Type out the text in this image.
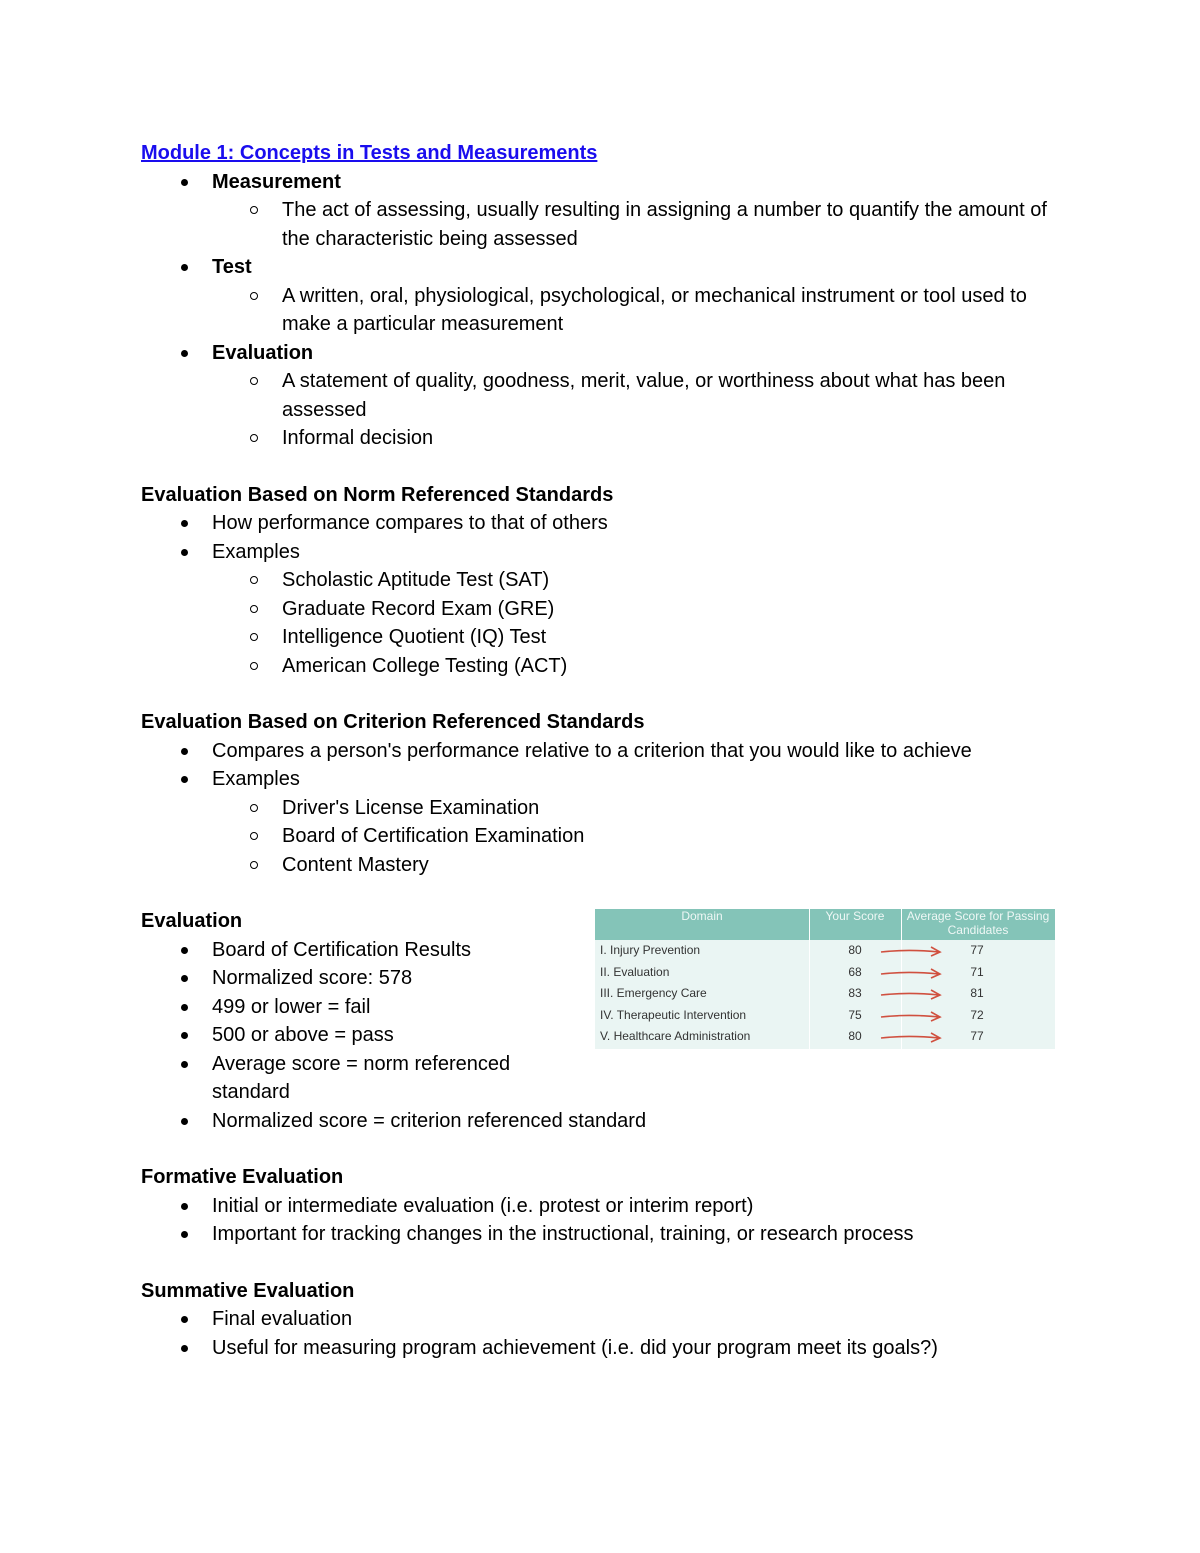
Module 1: Concepts in Tests and Measurements
Measurement
The act of assessing, usually resulting in assigning a number to quantify the amount of the characteristic being assessed
Test
A written, oral, physiological, psychological, or mechanical instrument or tool used to make a particular measurement
Evaluation
A statement of quality, goodness, merit, value, or worthiness about what has been assessed
Informal decision
Evaluation Based on Norm Referenced Standards
How performance compares to that of others
Examples
Scholastic Aptitude Test (SAT)
Graduate Record Exam (GRE)
Intelligence Quotient (IQ) Test
American College Testing (ACT)
Evaluation Based on Criterion Referenced Standards
Compares a person's performance relative to a criterion that you would like to achieve
Examples
Driver's License Examination
Board of Certification Examination
Content Mastery
Evaluation
Board of Certification Results
Normalized score: 578
499 or lower = fail
500 or above = pass
Average score = norm referenced standard
Normalized score = criterion referenced standard
Formative Evaluation
Initial or intermediate evaluation (i.e. protest or interim report)
Important for tracking changes in the instructional, training, or research process
Summative Evaluation
Final evaluation
Useful for measuring program achievement (i.e. did your program meet its goals?)
Domain	Your Score	Average Score for Passing Candidates
I. Injury Prevention	80	77
II. Evaluation	68	71
III. Emergency Care	83	81
IV. Therapeutic Intervention	75	72
V. Healthcare Administration	80	77
